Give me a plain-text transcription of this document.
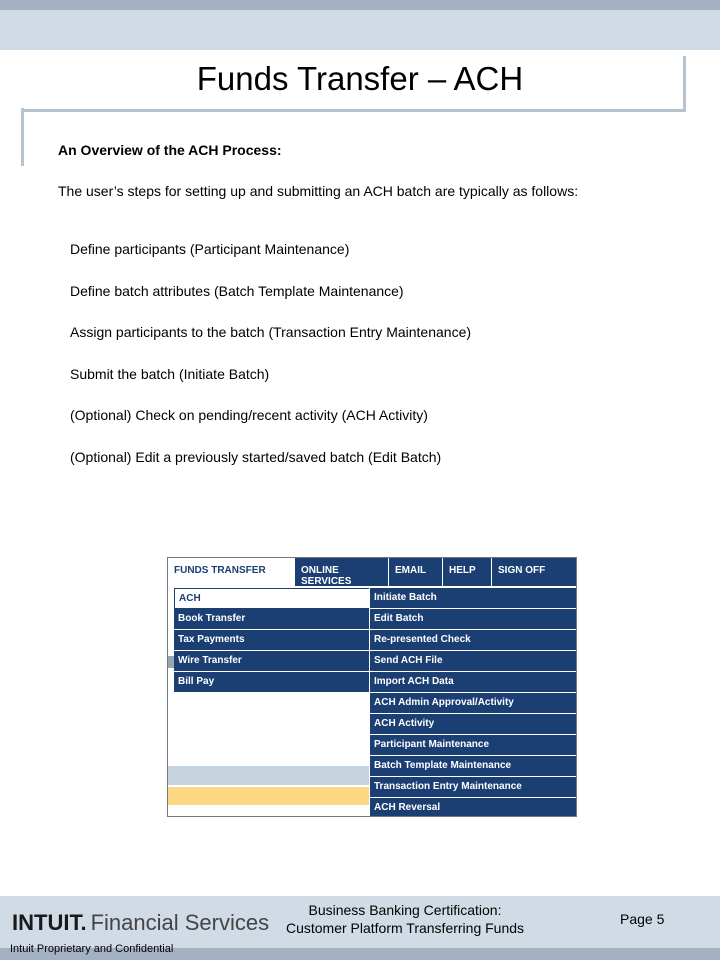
Funds Transfer – ACH
An Overview of the ACH Process:
The user’s steps for setting up and submitting an ACH batch are typically as follows:
Define participants (Participant Maintenance)
Define batch attributes (Batch Template Maintenance)
Assign participants to the batch (Transaction Entry Maintenance)
Submit the batch (Initiate Batch)
(Optional) Check on pending/recent activity (ACH Activity)
(Optional) Edit a previously started/saved batch (Edit Batch)
FUNDS TRANSFER	ONLINE SERVICES
EMAIL	HELP	SIGN OFF
ACH
Book Transfer
Tax Payments
Wire Transfer
Bill Pay
Initiate Batch
Edit Batch
Re-presented Check
Send ACH File
Import ACH Data
ACH Admin Approval/Activity
ACH Activity
Participant Maintenance
Batch Template Maintenance
Transaction Entry Maintenance
ACH Reversal
INTUIT. Financial Services
Intuit Proprietary and Confidential
Business Banking Certification:
Customer Platform Transferring Funds
Page 5
